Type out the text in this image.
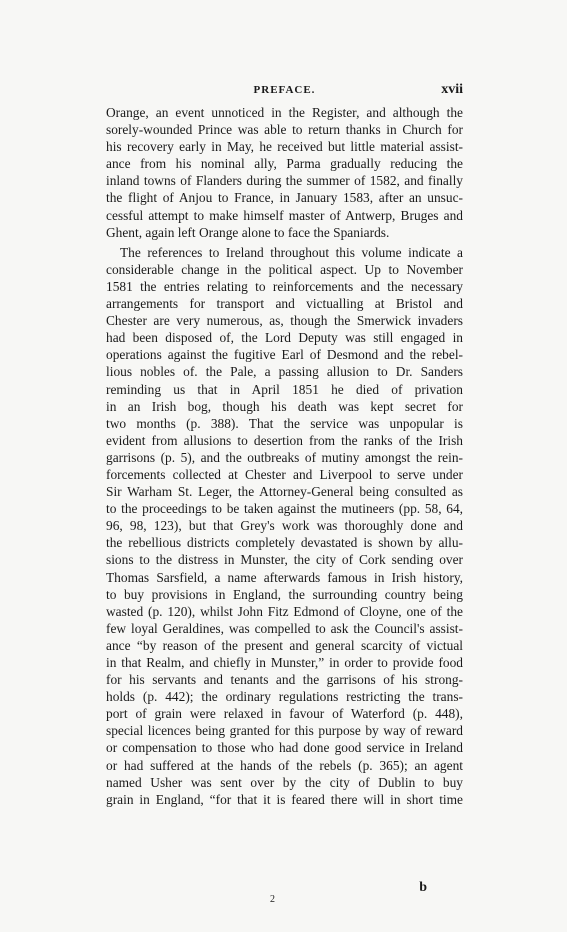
PREFACE.	xvii
Orange, an event unnoticed in the Register, and although the
sorely-wounded Prince was able to return thanks in Church for
his recovery early in May, he received but little material assist-
ance from his nominal ally, Parma gradually reducing the
inland towns of Flanders during the summer of 1582, and finally
the flight of Anjou to France, in January 1583, after an unsuc-
cessful attempt to make himself master of Antwerp, Bruges and
Ghent, again left Orange alone to face the Spaniards.
The references to Ireland throughout this volume indicate a
considerable change in the political aspect. Up to November
1581 the entries relating to reinforcements and the necessary
arrangements for transport and victualling at Bristol and
Chester are very numerous, as, though the Smerwick invaders
had been disposed of, the Lord Deputy was still engaged in
operations against the fugitive Earl of Desmond and the rebel-
lious nobles of. the Pale, a passing allusion to Dr. Sanders
reminding us that in April 1851 he died of privation
in an Irish bog, though his death was kept secret for
two months (p. 388). That the service was unpopular is
evident from allusions to desertion from the ranks of the Irish
garrisons (p. 5), and the outbreaks of mutiny amongst the rein-
forcements collected at Chester and Liverpool to serve under
Sir Warham St. Leger, the Attorney-General being consulted as
to the proceedings to be taken against the mutineers (pp. 58, 64,
96, 98, 123), but that Grey's work was thoroughly done and
the rebellious districts completely devastated is shown by allu-
sions to the distress in Munster, the city of Cork sending over
Thomas Sarsfield, a name afterwards famous in Irish history,
to buy provisions in England, the surrounding country being
wasted (p. 120), whilst John Fitz Edmond of Cloyne, one of the
few loyal Geraldines, was compelled to ask the Council's assist-
ance “by reason of the present and general scarcity of victual
in that Realm, and chiefly in Munster,” in order to provide food
for his servants and tenants and the garrisons of his strong-
holds (p. 442); the ordinary regulations restricting the trans-
port of grain were relaxed in favour of Waterford (p. 448),
special licences being granted for this purpose by way of reward
or compensation to those who had done good service in Ireland
or had suffered at the hands of the rebels (p. 365); an agent
named Usher was sent over by the city of Dublin to buy
grain in England, “for that it is feared there will in short time
2
b
